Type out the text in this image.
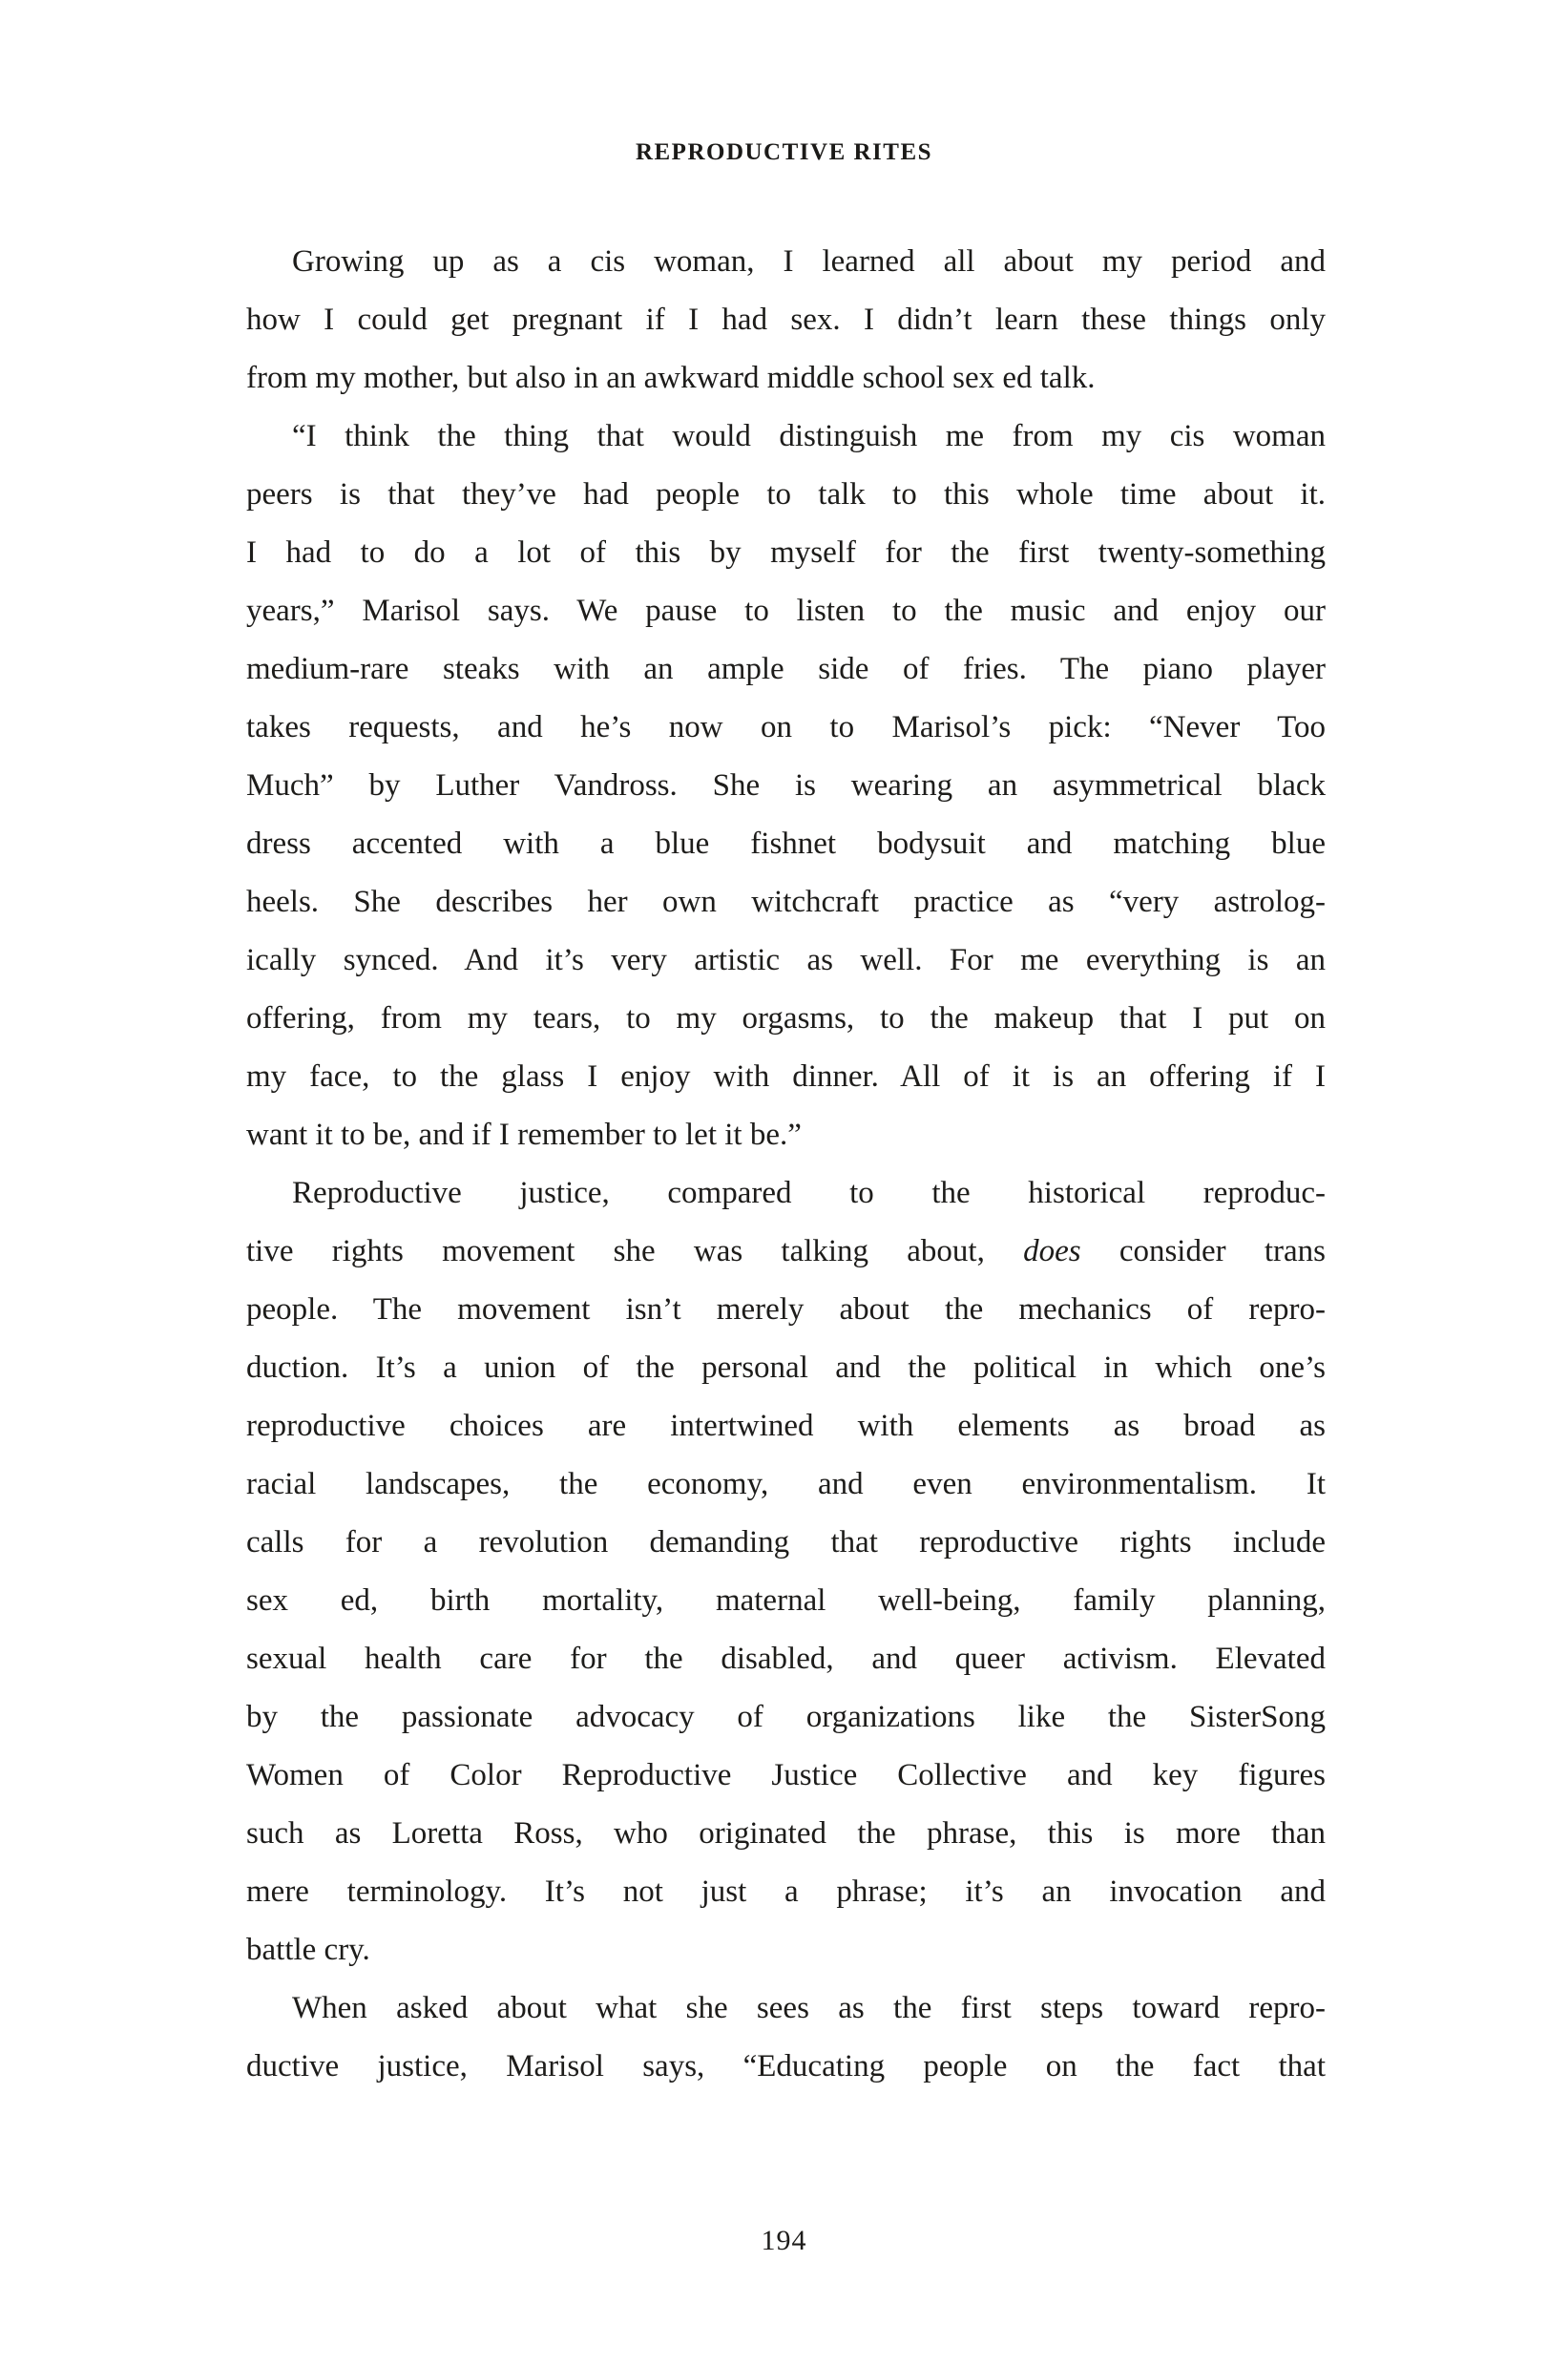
REPRODUCTIVE RITES
Growing up as a cis woman, I learned all about my period and
how I could get pregnant if I had sex. I didn’t learn these things only
from my mother, but also in an awkward middle school sex ed talk.
“I think the thing that would distinguish me from my cis woman
peers is that they’ve had people to talk to this whole time about it.
I had to do a lot of this by myself for the first twenty-something
years,” Marisol says. We pause to listen to the music and enjoy our
medium-rare steaks with an ample side of fries. The piano player
takes requests, and he’s now on to Marisol’s pick: “Never Too
Much” by Luther Vandross. She is wearing an asymmetrical black
dress accented with a blue fishnet bodysuit and matching blue
heels. She describes her own witchcraft practice as “very astrolog-
ically synced. And it’s very artistic as well. For me everything is an
offering, from my tears, to my orgasms, to the makeup that I put on
my face, to the glass I enjoy with dinner. All of it is an offering if I
want it to be, and if I remember to let it be.”
Reproductive justice, compared to the historical reproduc-
tive rights movement she was talking about, does consider trans
people. The movement isn’t merely about the mechanics of repro-
duction. It’s a union of the personal and the political in which one’s
reproductive choices are intertwined with elements as broad as
racial landscapes, the economy, and even environmentalism. It
calls for a revolution demanding that reproductive rights include
sex ed, birth mortality, maternal well-being, family planning,
sexual health care for the disabled, and queer activism. Elevated
by the passionate advocacy of organizations like the SisterSong
Women of Color Reproductive Justice Collective and key figures
such as Loretta Ross, who originated the phrase, this is more than
mere terminology. It’s not just a phrase; it’s an invocation and
battle cry.
When asked about what she sees as the first steps toward repro-
ductive justice, Marisol says, “Educating people on the fact that
194
